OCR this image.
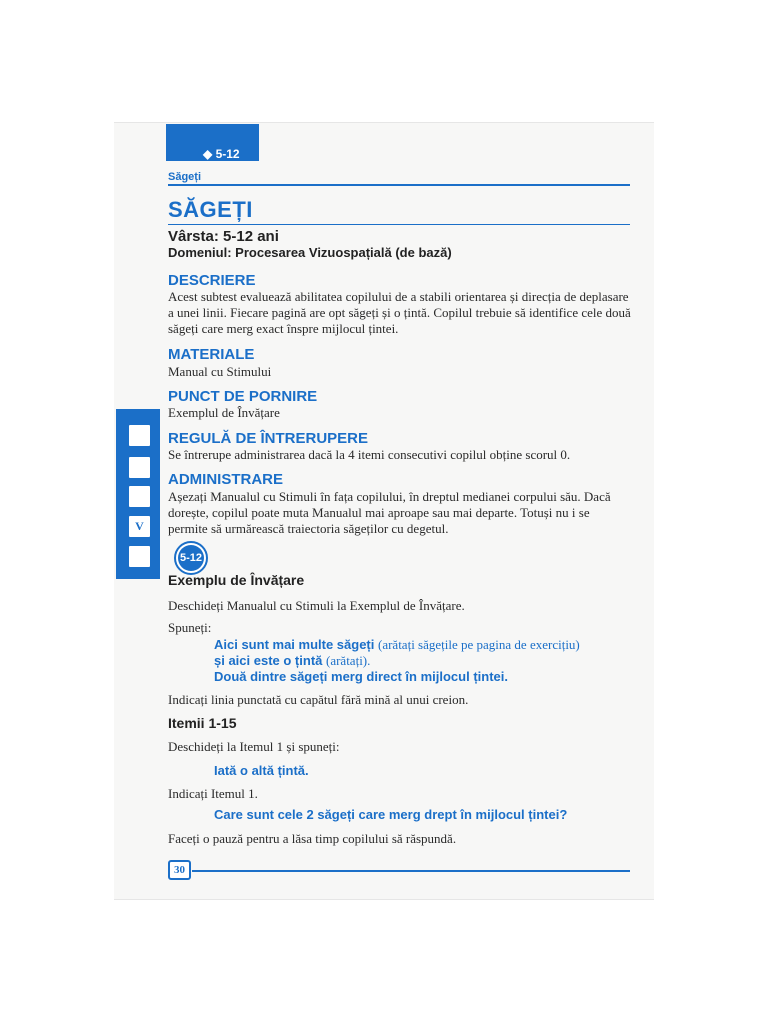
◆ 5-12
Săgeți
SĂGEȚI
Vârsta: 5-12 ani
Domeniul: Procesarea Vizuospațială (de bază)
DESCRIERE
Acest subtest evaluează abilitatea copilului de a stabili orientarea și direcția de deplasare a unei linii. Fiecare pagină are opt săgeți și o țintă. Copilul trebuie să identifice cele două săgeți care merg exact înspre mijlocul țintei.
MATERIALE
Manual cu Stimului
PUNCT DE PORNIRE
Exemplul de Învățare
REGULĂ DE ÎNTRERUPERE
Se întrerupe administrarea dacă la 4 itemi consecutivi copilul obține scorul 0.
ADMINISTRARE
Așezați Manualul cu Stimuli în fața copilului, în dreptul medianei corpului său. Dacă dorește, copilul poate muta Manualul mai aproape sau mai departe. Totuși nu i se permite să urmărească traiectoria săgeților cu degetul.
V
5-12
Exemplu de Învățare
Deschideți Manualul cu Stimuli la Exemplul de Învățare.
Spuneți:
Aici sunt mai multe săgeți (arătați săgețile pe pagina de exercițiu)
și aici este o țintă (arătați).
Două dintre săgeți merg direct în mijlocul țintei.
Indicați linia punctată cu capătul fără mină al unui creion.
Itemii 1-15
Deschideți la Itemul 1 și spuneți:
Iată o altă țintă.
Indicați Itemul 1.
Care sunt cele 2 săgeți care merg drept în mijlocul țintei?
Faceți o pauză pentru a lăsa timp copilului să răspundă.
30
